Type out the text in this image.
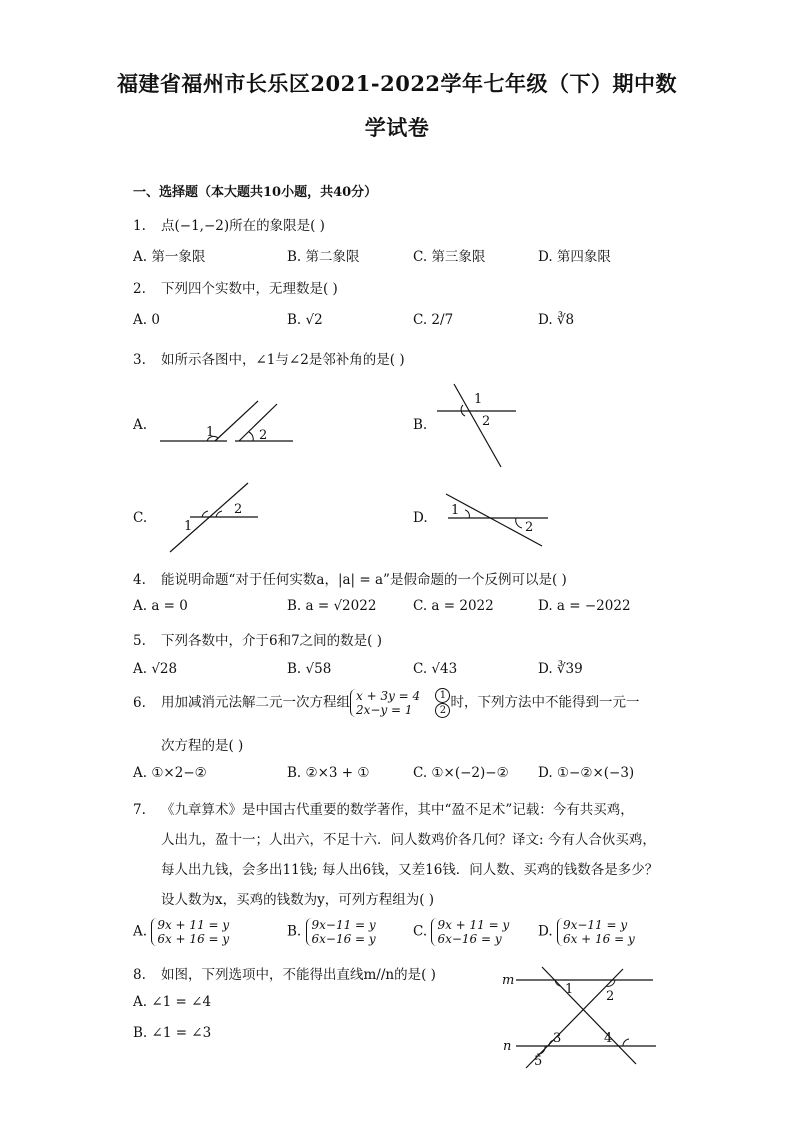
福建省福州市长乐区2021-2022学年七年级（下）期中数
学试卷
一、选择题（本大题共10小题，共40分）
1. 点(−1,−2)所在的象限是( )
A. 第一象限	B. 第二象限	C. 第三象限	D. 第四象限
2. 下列四个实数中，无理数是( )
A. 0	B. √2	C. 2/7	D. ∛8
3. 如所示各图中，∠1与∠2是邻补角的是( )
A.	B.
C.	D.
1	2
1
2
1
2	1
2
4. 能说明命题“对于任何实数a，|a| = a”是假命题的一个反例可以是( )
A. a = 0	B. a = √2022	C. a = 2022	D. a = −2022
5. 下列各数中，介于6和7之间的数是( )
A. √28	B. √58	C. √43	D. ∛39
6. 用加减消元法解二元一次方程组 x + 3y = 4
$2x-y = 1 \frac{1}{2}$时，下列方法中不能得到一元一
次方程的是( )
A. ①×2−②	B. ②×3 + ①	C. ①×(−2)−② D. ①−②×(−3)
7. 《九章算术》是中国古代重要的数学著作，其中“盈不足术”记载：今有共买鸡，
人出九，盈十一；人出六，不足十六．问人数鸡价各几何？译文: 今有人合伙买鸡，
每人出九钱，会多出11钱; 每人出6钱，又差16钱．问人数、买鸡的钱数各是多少？
设人数为x，买鸡的钱数为y，可列方程组为( )
A. 9x + 11 = y
6x + 16 = y	B. 9x−11 = y
6x−16 = y	C. 9x + 11 = y
6x−16 = y	D. 9x−11 = y
6x + 16 = y
8. 如图，下列选项中，不能得出直线m//n的是( )
A. ∠1 = ∠4
B. ∠1 = ∠3
m
n
1	2
3	4
5
